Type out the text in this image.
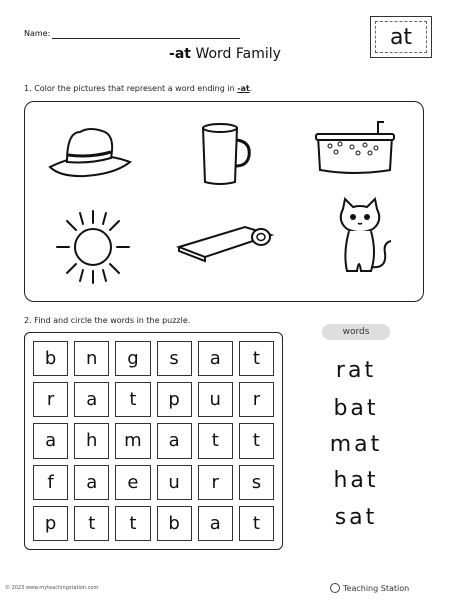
Name:	at
-at Word Family
1. Color the pictures that represent a word ending in -at.
2. Find and circle the words in the puzzle.
b	n	g	s	a	t
r	a	t	p	u	r
a	h	m	a	t	t
f	a	e	u	r	s
p	t	t	b	a	t
words
rat
bat
mat
hat
sat
© 2023 www.myteachingstation.com	Teaching Station
